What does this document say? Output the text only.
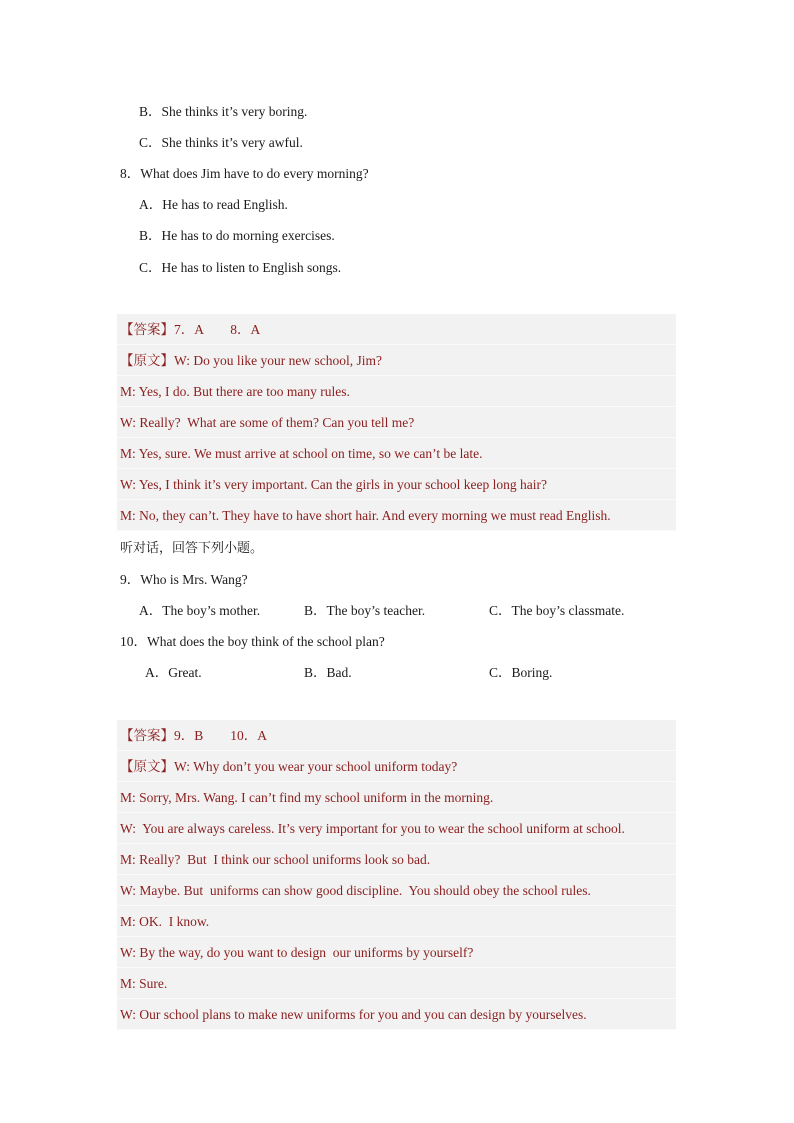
B．She thinks it’s very boring.
C．She thinks it’s very awful.
8．What does Jim have to do every morning?
A．He has to read English.
B．He has to do morning exercises.
C．He has to listen to English songs.
【答案】7．A        8．A
【原文】W: Do you like your new school, Jim?
M: Yes, I do. But there are too many rules.
W: Really?  What are some of them? Can you tell me?
M: Yes, sure. We must arrive at school on time, so we can’t be late.
W: Yes, I think it’s very important. Can the girls in your school keep long hair?
M: No, they can’t. They have to have short hair. And every morning we must read English.
听对话，回答下列小题。
9．Who is Mrs. Wang?
A．The boy’s mother.	B．The boy’s teacher.	C．The boy’s classmate.
10．What does the boy think of the school plan?
A．Great.	B．Bad.	C．Boring.
【答案】9．B        10．A
【原文】W: Why don’t you wear your school uniform today?
M: Sorry, Mrs. Wang. I can’t find my school uniform in the morning.
W:  You are always careless. It’s very important for you to wear the school uniform at school.
M: Really?  But  I think our school uniforms look so bad.
W: Maybe. But  uniforms can show good discipline.  You should obey the school rules.
M: OK.  I know.
W: By the way, do you want to design  our uniforms by yourself?
M: Sure.
W: Our school plans to make new uniforms for you and you can design by yourselves.
